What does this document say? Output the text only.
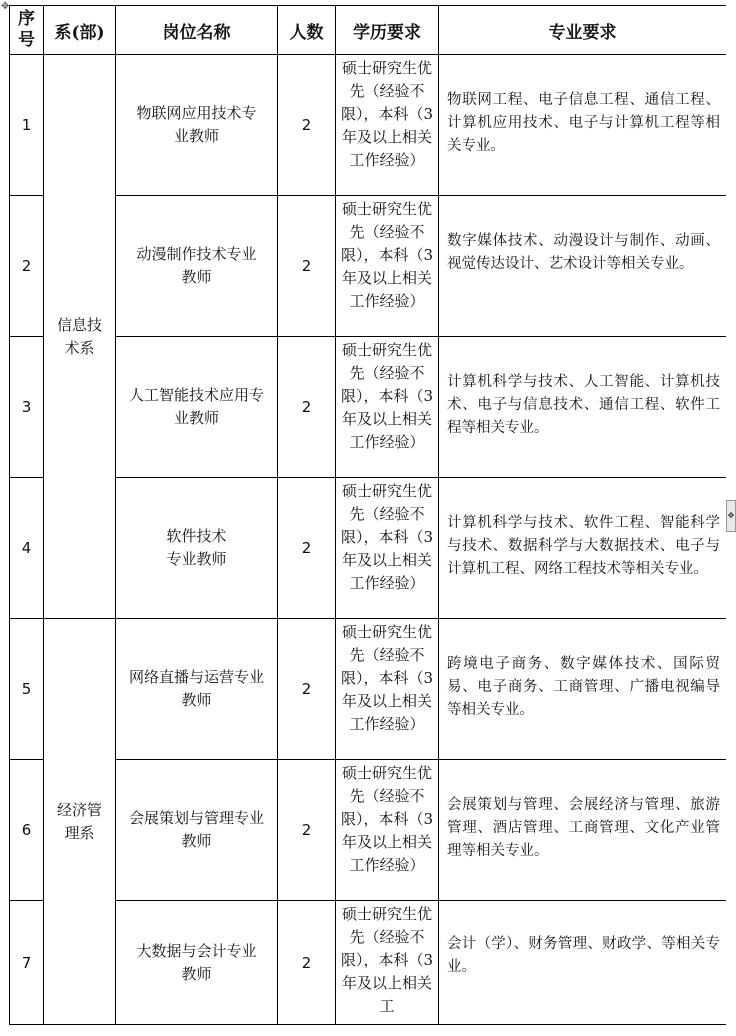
✥
序号	系(部)	岗位名称	人数	学历要求	专业要求
1	信息技术系	物联网应用技术专业教师	2	硕士研究生优先（经验不限），本科（3年及以上相关工作经验）	物联网工程、电子信息工程、通信工程、计算机应用技术、电子与计算机工程等相关专业。
2		动漫制作技术专业教师	2	硕士研究生优先（经验不限），本科（3年及以上相关工作经验）	数字媒体技术、动漫设计与制作、动画、视觉传达设计、艺术设计等相关专业。
3		人工智能技术应用专业教师	2	硕士研究生优先（经验不限），本科（3年及以上相关工作经验）	计算机科学与技术、人工智能、计算机技术、电子与信息技术、通信工程、软件工程等相关专业。
4		软件技术专业教师	2	硕士研究生优先（经验不限），本科（3年及以上相关工作经验）	计算机科学与技术、软件工程、智能科学与技术、数据科学与大数据技术、电子与计算机工程、网络工程技术等相关专业。
5	经济管理系	网络直播与运营专业教师	2	硕士研究生优先（经验不限），本科（3年及以上相关工作经验）	跨境电子商务、数字媒体技术、国际贸易、电子商务、工商管理、广播电视编导等相关专业。
6		会展策划与管理专业教师	2	硕士研究生优先（经验不限），本科（3年及以上相关工作经验）	会展策划与管理、会展经济与管理、旅游管理、酒店管理、工商管理、文化产业管理等相关专业。
7		大数据与会计专业教师	2	硕士研究生优先（经验不限），本科（3年及以上相关工	会计（学）、财务管理、财政学、等相关专业。
✥
